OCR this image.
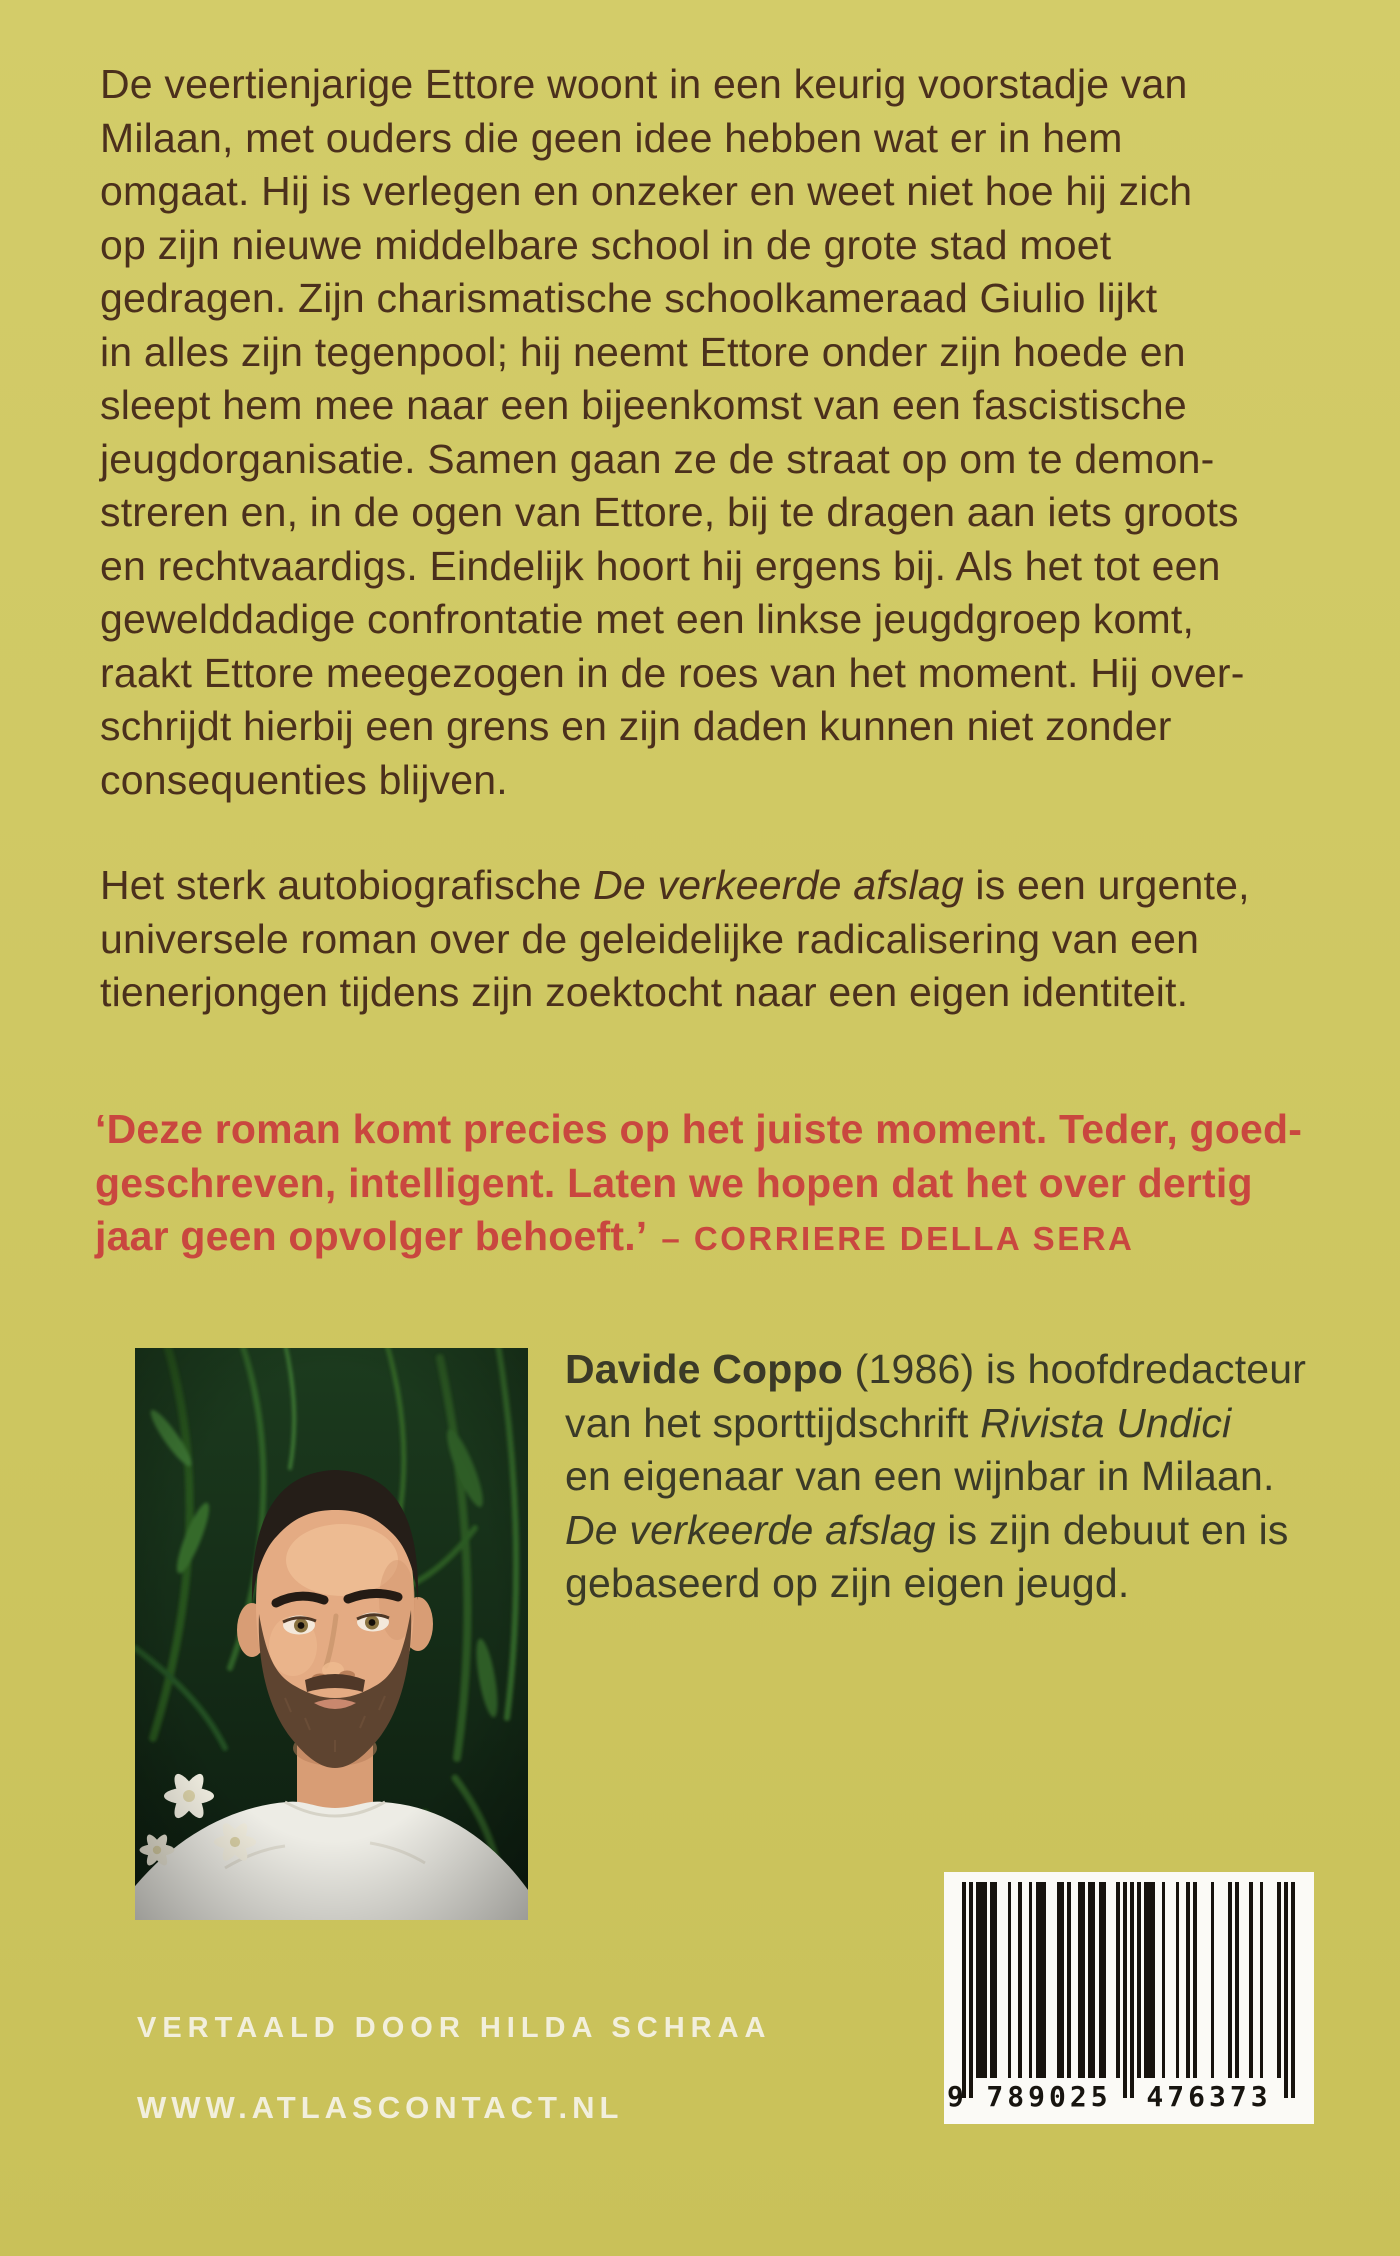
De veertienjarige Ettore woont in een keurig voorstadje van
Milaan, met ouders die geen idee hebben wat er in hem
omgaat. Hij is verlegen en onzeker en weet niet hoe hij zich
op zijn nieuwe middelbare school in de grote stad moet
gedragen. Zijn charismatische schoolkameraad Giulio lijkt
in alles zijn tegenpool; hij neemt Ettore onder zijn hoede en
sleept hem mee naar een bijeenkomst van een fascistische
jeugdorganisatie. Samen gaan ze de straat op om te demon-
streren en, in de ogen van Ettore, bij te dragen aan iets groots
en rechtvaardigs. Eindelijk hoort hij ergens bij. Als het tot een
gewelddadige confrontatie met een linkse jeugdgroep komt,
raakt Ettore meegezogen in de roes van het moment. Hij over-
schrijdt hierbij een grens en zijn daden kunnen niet zonder
consequenties blijven.
Het sterk autobiografische De verkeerde afslag is een urgente,
universele roman over de geleidelijke radicalisering van een
tienerjongen tijdens zijn zoektocht naar een eigen identiteit.
‘Deze roman komt precies op het juiste moment. Teder, goed-
geschreven, intelligent. Laten we hopen dat het over dertig
jaar geen opvolger behoeft.’ – CORRIERE DELLA SERA
Davide Coppo (1986) is hoofdredacteur
van het sporttijdschrift Rivista Undici
en eigenaar van een wijnbar in Milaan.
De verkeerde afslag is zijn debuut en is
gebaseerd op zijn eigen jeugd.
VERTAALD DOOR HILDA SCHRAA
WWW.ATLASCONTACT.NL	9 789025 476373
